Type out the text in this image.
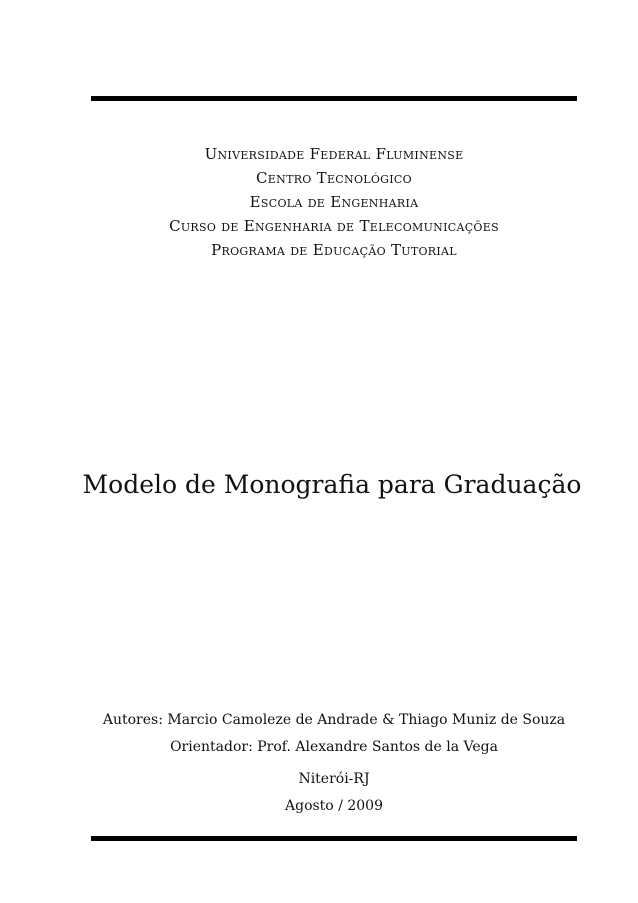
Universidade Federal Fluminense
Centro Tecnológico
Escola de Engenharia
Curso de Engenharia de Telecomunicações
Programa de Educação Tutorial
Modelo de Monografia para Graduação
Autores: Marcio Camoleze de Andrade & Thiago Muniz de Souza
Orientador: Prof. Alexandre Santos de la Vega
Niterói-RJ
Agosto / 2009
